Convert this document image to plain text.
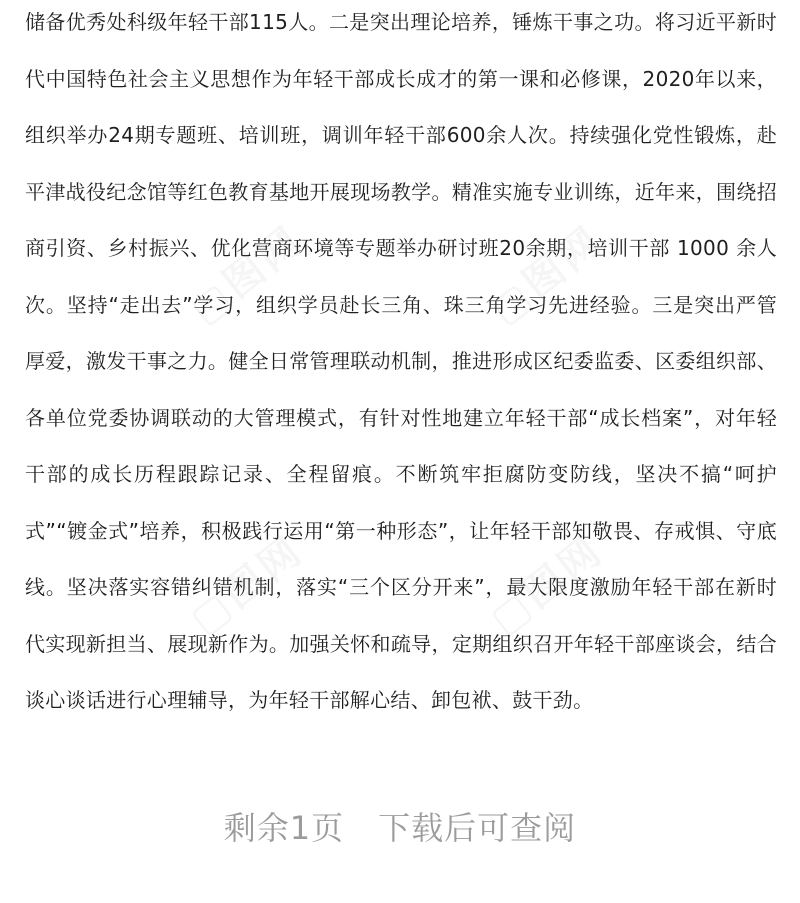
储备优秀处科级年轻干部115人。二是突出理论培养，锤炼干事之功。将习近平新时代中国特色社会主义思想作为年轻干部成长成才的第一课和必修课，2020年以来，组织举办24期专题班、培训班，调训年轻干部600余人次。持续强化党性锻炼，赴平津战役纪念馆等红色教育基地开展现场教学。精准实施专业训练，近年来，围绕招商引资、乡村振兴、优化营商环境等专题举办研讨班20余期，培训干部 1000 余人次。坚持“走出去”学习，组织学员赴长三角、珠三角学习先进经验。三是突出严管厚爱，激发干事之力。健全日常管理联动机制，推进形成区纪委监委、区委组织部、各单位党委协调联动的大管理模式，有针对性地建立年轻干部“成长档案”，对年轻干部的成长历程跟踪记录、全程留痕。不断筑牢拒腐防变防线，坚决不搞“呵护式”“镀金式”培养，积极践行运用“第一种形态”，让年轻干部知敬畏、存戒惧、守底线。坚决落实容错纠错机制，落实“三个区分开来”，最大限度激励年轻干部在新时代实现新担当、展现新作为。加强关怀和疏导，定期组织召开年轻干部座谈会，结合谈心谈话进行心理辅导，为年轻干部解心结、卸包袱、鼓干劲。

▢图网	▢图网
▢图网	▢图网
剩余1页 下载后可查阅
